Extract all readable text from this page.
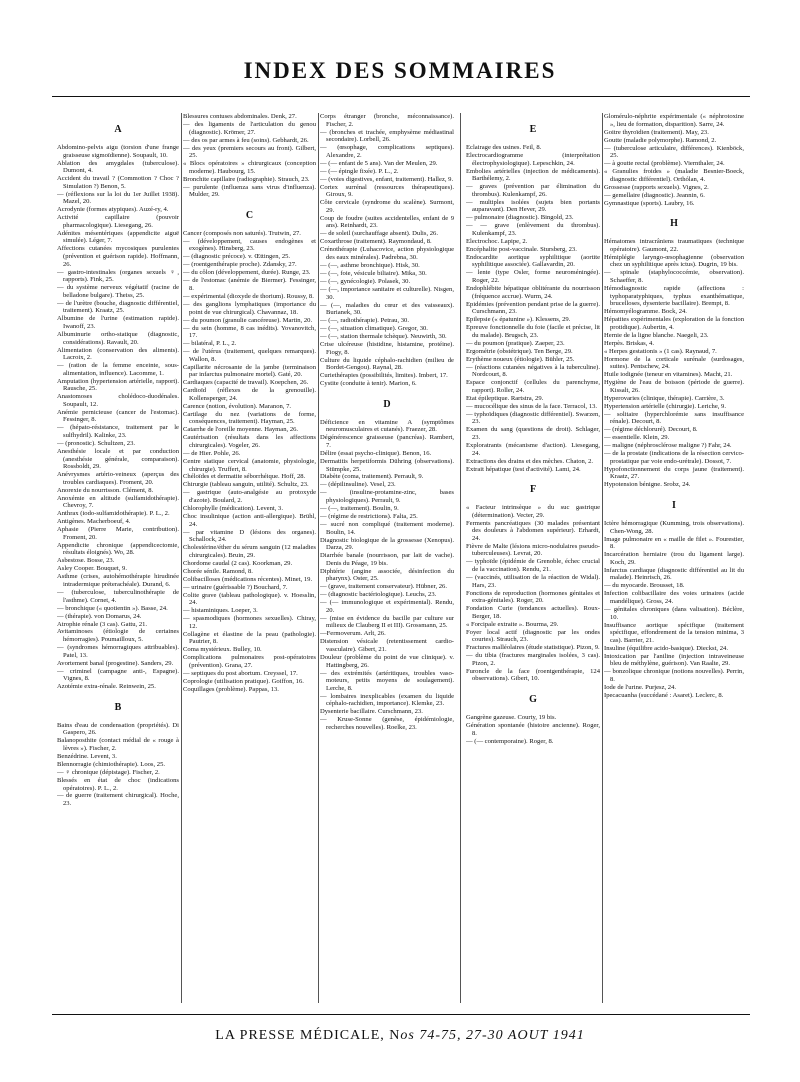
INDEX DES SOMMAIRES
A
Abdomino-pelvis aigu (torsion d'une frange graisseuse sigmoïdienne). Soupault, 10.
Ablation des amygdales (tuberculose). Dumont, 4.
Accident du travail ? (Commotion ? Choc ? Simulation ?) Benon, 5.
— (réflexions sur la loi du 1er Juillet 1938). Mazel, 20.
Acrodynie (formes atypiques). Auzé-ry, 4.
Activité capillaire (pouvoir pharmacologique). Liesegang, 26.
Adénites mésentériques (appendicite aiguë simulée). Léger, 7.
Affections cutanées mycosiques purulentes (prévention et guérison rapide). Hoffmann, 26.
— gastro-intestinales (organes sexuels ♀, rapports). Fink, 25.
— du système nerveux végétatif (racine de belladone bulgare). Theiss, 25.
— de l'urètre (bouche, diagnostic différentiel, traitement). Kraatz, 25.
Albumine de l'urine (estimation rapide). Iwanoff, 23.
Albuminurie ortho-statique (diagnostic, considérations). Ravault, 20.
Alimentation (conservation des aliments). Lacroix, 2.
— (ration de la femme enceinte, sous-alimentation, influence). Lacomme, 1.
Amputation (hypertension artérielle, rapport). Rausche, 25.
Anastomoses cholédoco-duodénales. Soupault, 12.
Anémie pernicieuse (cancer de l'estomac). Fessinger, 8.
— (hépato-résistance, traitement par le sulfhydril). Kalinke, 23.
— (pronostic). Schultzen, 23.
Anesthésie locale et par conduction (anesthésie générale, comparaison). Rossboldt, 29.
Anévrysmes artério-veineux (aperçus des troubles cardiaques). Froment, 20.
Anorexie du nourrisson. Clément, 8.
Anoxémie en altitude (sulfamidothérapie). Chevroy, 7.
Anthrax (iodo-sulfamidothérapie). P. L., 2.
Antigènes. Macherboeuf, 4.
Aphasie (Pierre Marie, contribution). Froment, 20.
Appendicite chronique (appendicectomie, résultats éloignés). Wo, 28.
Asbestose. Bosse, 23.
Asley Cooper. Bouquet, 9.
Asthme (crises, autohémothérapie hirudinée intradermique préterachéale). Durand, 6.
— (tuberculose, tuberculinothérapie de l'asthme). Cornet, 4.
— bronchique (« quotientin »). Basse, 24.
— (thérapie). von Domarus, 24.
Atrophie rénale (3 cas). Gattu, 21.
Avitaminoses (étiologie de certaines hémorragies). Poumailloux, 5.
— (syndromes hémorragiques attribuables). Patel, 13.
Avortement banal (progestine). Sanders, 29.
— criminel (campagne anti-, Espagne). Vignes, 8.
Azotémie extra-rénale. Reinwein, 25.
B
Bains d'eau de condensation (propriétés). Di Gaspero, 26.
Balanoposthite (contact médial de « rouge à lèvres »). Fischer, 2.
Benzédrine. Levent, 3.
Blennorragie (chimiothérapie). Loos, 25.
— ♀ chronique (dépistage). Fischer, 2.
Blessés en état de choc (indications opératoires). P. L., 2.
— de guerre (traitement chirurgical). Hoche, 23.
Blessures contuses abdominales. Denk, 27.
— des ligaments de l'articulation du genou (diagnostic). Krömer, 27.
— des os par armes à feu (soins). Gebhardt, 26.
— des yeux (premiers secours au front). Gilbert, 25.
« Blocs opératoires » chirurgicaux (conception moderne). Haubourg, 15.
Bronchite capillaire (radiographie). Strauch, 23.
— purulente (influenza sans virus d'influenza). Mulder, 29.
C
Cancer (composés non saturés). Trutwin, 27.
— (développement, causes endogènes et exogènes). Hinsberg, 23.
— (diagnostic précoce). v. Œttingen, 25.
— (roentgenthérapie proche). Zdansky, 27.
— du côlon (développement, durée). Runge, 23.
— de l'estomac (anémie de Biermer). Fessinger, 8.
— expérimental (dioxyde de thorium). Roussy, 8.
— des ganglions lymphatiques (importance du point de vue chirurgical). Chavannaz, 18.
— du poumon (granulie cancéreuse). Martin, 20.
— du sein (homme, 8 cas inédits). Yovanovitch, 17.
— bilatéral, P. L., 2.
— de l'utérus (traitement, quelques remarques). Wallon, 8.
Capillarite nécrosante de la jambe (terminaison par infarctus pulmonaire mortel). Gaté, 20.
Cardiaques (capacité de travail). Koepchen, 26.
Cardioïd (réflexes de la grenouille). Kollensperger, 24.
Carence (notion, évolution). Maranon, 7.
Cartilage du nez (variations de forme, conséquences, traitement). Hayman, 25.
Catarrhe de l'oreille moyenne. Hayman, 26.
Cautérisation (résultats dans les affections chirurgicales). Vogeler, 26.
— de Hier. Pohle, 26.
Centre statique cervical (anatomie, physiologie, chirurgie). Truffert, 8.
Chéloïdes et dermatite séborrhéique. Hoff, 28.
Chirurgie (tableau sanguin, utilité). Schultz, 23.
— gastrique (auto-analgésie au protoxyde d'azote). Boulard, 2.
Chlorophylle (médication). Levent, 3.
Choc insulinique (action anti-allergique). Brühl, 24.
— par vitamine D (lésions des organes). Schallock, 24.
Cholestérine/éther du sérum sanguin (12 maladies chirurgicales). Bruin, 29.
Chordome caudal (2 cas). Koorkman, 29.
Chorée sénile. Ramond, 8.
Colibacilloses (médications récentes). Minet, 19.
— urinaire (guérissable ?) Bouchard, 7.
Colite grave (tableau pathologique). v. Hoesslin, 24.
— histaminiques. Loeper, 3.
— spasmodiques (hormones sexuelles). Chiray, 12.
Collagène et élastine de la peau (pathologie). Pautrier, 8.
Coma mystérieux. Bulley, 10.
Complications pulmonaires post-opératoires (prévention). Grana, 27.
— septiques du post abortum. Creyssel, 17.
Coprologie (utilisation pratique). Goiffon, 16.
Coquillages (problème). Pappas, 13.
Corps étranger (bronche, méconnaissance). Fischer, 2.
— (bronches et trachée, emphysème médiastinal secondaire). Lorbell, 26.
— (œsophage, complications septiques). Alexandre, 2.
— (— enfant de 5 ans). Van der Meulen, 29.
— (— épingle fixée). P. L., 2.
— (voies digestives, enfant, traitement). Hallez, 9.
Cortex surrénal (ressources thérapeutiques). Giroux, 9.
Côte cervicale (syndrome du scalène). Surmont, 29.
Coup de foudre (suites accidentelles, enfant de 9 ans). Reinhardt, 23.
— de soleil (surchauffage absent). Dulis, 26.
Coxarthrose (traitement). Raymondaud, 8.
Crénothérapie (Luhacovice, action physiologique des eaux minérales). Padrebna, 30.
— (—, asthme bronchique). Hisk, 30.
— (—, foie, vésicule biliaire). Mika, 30.
— (—, gynécologie). Polasek, 30.
— (—, importance sanitaire et culturelle). Nisgen, 30.
— (—, maladies du cœur et des vaisseaux). Burianek, 30.
— (—, radiothérapie). Petrau, 30.
— (—, situation climatique). Gregor, 30.
— (—, station thermale tchèque). Neuwirth, 30.
Crise ulcéreuse (histidine, histamine, protéine). Fiogy, 8.
Culture du liquide céphalo-rachidien (milieu de Bordet-Gengou). Raynal, 28.
Curiethérapies (possibilités, limites). Imbert, 17.
Cystite (conduite à tenir). Marion, 6.
D
Déficience en vitamine A (symptômes neuromusculaires et cutanés). Fraezer, 28.
Dégénérescence graisseuse (pancréas). Rambert, 7.
Délire (essai psycho-clinique). Benon, 16.
Dermatitis herpetiformis Dühring (observations). Stümpke, 25.
Diabète (coma, traitement). Perrault, 9.
— (dépilinsuline). Vesel, 23.
— (insuline-protamine-zinc, bases physiologiques). Perrault, 9.
— (—, traitement). Boulin, 9.
— (régime de restrictions). Falta, 25.
— sucré non compliqué (traitement moderne). Boulin, 14.
Diagnostic biologique de la grossesse (Xenopus). Darza, 29.
Diarrhée banale (nourrisson, par lait de vache). Denis du Péage, 19 bis.
Diphtérie (angine associée, désinfection du pharynx). Oster, 25.
— (grave, traitement conservateur). Hübner, 26.
— (diagnostic bactériologique). Leuchs, 23.
— (— immunologique et expérimental). Rendu, 20.
— (mise en évidence du bacille par culture sur milieux de Clauberg II et III). Grossmann, 25.
—Fermoverum. Arlt, 26.
Distension vésicale (retentissement cardio-vasculaire). Gibert, 21.
Douleur (problème du point de vue clinique). v. Hattingberg, 26.
— des extrémités (artéritiques, troubles vaso-moteurs, petits moyens de soulagement). Lerche, 8.
— lombaires inexplicables (examen du liquide céphalo-rachidien, importance). Klemke, 23.
Dysenterie bacillaire. Curschmann, 23.
— Kruse-Sonne (genèse, épidémiologie, recherches nouvelles). Roelke, 23.
E
Eclairage des usines. Feil, 8.
Electrocardiogramme (interprétation électrophysiologique). Lepeschkin, 24.
Embolies artérielles (injection de médicaments). Barthélemy, 2.
— graves (prévention par élimination du thrombus). Kulenkampf, 26.
— multiples isolées (sujets bien portants auparavant). Den Hever, 29.
— pulmonaire (diagnostic). Bingold, 23.
— — grave (enlèvement du thrombus). Kulenkampf, 23.
Electrochoc. Lapipe, 2.
Encéphalite post-vaccinale. Stursberg, 23.
Endocardite aortique syphilitique (aortite syphilitique associée). Gallavardin, 20.
— lente (type Osler, forme neuroméningée). Roger, 22.
Endophlébite hépatique oblitérante du nourrisson (fréquence accrue). Wurm, 24.
Epidémies (prévention pendant prise de la guerre). Curschmann, 23.
Epilepsie (« épatunine »). Klessens, 29.
Epreuve fonctionnelle du foie (facile et précise, lit du malade). Brugsch, 23.
— du poumon (pratique). Zaeper, 23.
Ergométrie (obstétrique). Ten Berge, 29.
Erythème noueux (étiologie). Bühler, 25.
— (réactions cutanées négatives à la tuberculine). Nordcourt, 8.
Espace conjonctif (cellules du parenchyme, rapport). Roller, 24.
Etat épileptique. Rartstra, 29.
— mucocélique des sinus de la face. Terracol, 13.
— typhoïdiques (diagnostic différentiel). Swarzen, 23.
Examen du sang (questions de droit). Schlager, 23.
Exploratrants (mécanisme d'action). Liesegang, 24.
Extractions des drains et des mèches. Chaton, 2.
Extrait hépatique (test d'activité). Lami, 24.
F
« Facteur intrinsèque » du suc gastrique (détermination). Vecter, 29.
Ferments pancréatiques (30 malades présentant des douleurs à l'abdomen supérieur). Erhardt, 24.
Fièvre de Malte (lésions micro-nodulaires pseudo-tuberculeuses). Levrat, 20.
— typhoïde (épidémie de Grenoble, échec crucial de la vaccination). Rendu, 21.
— (vaccinés, utilisation de la réaction de Widal). Hars, 23.
Fonctions de reproduction (hormones génitales et extra-génitales). Roger, 20.
Fondation Curie (tendances actuelles). Roux-Berger, 18.
« Forcipale extraite ». Bourma, 29.
Foyer local actif (diagnostic par les ondes courtes). Strauch, 23.
Fractures malléolaires (étude statistique). Pizon, 9.
— du tibia (fractures marginales isolées, 3 cas). Pizon, 2.
Furoncle de la face (roentgenthérapie, 124 observations). Gibert, 10.
G
Gangrène gazeuse. Courty, 19 bis.
Génération spontanée (histoire ancienne). Roger, 8.
— (— contemporaine). Roger, 8.
Glomérulo-néphrite expérimentale (« néphrotoxine », lieu de formation, disparition). Sarre, 24.
Goitre thyroïdien (traitement). May, 23.
Goutte (maladie polymorphe). Ramond, 2.
— (tuberculose articulaire, différences). Kienböck, 25.
— à goutte rectal (problème). Viernthaler, 24.
« Granulies froides » (maladie Besnier-Boeck, diagnostic différentiel). Orthólan, 4.
Grossesse (rapports sexuels). Vignes, 2.
— gemellaire (diagnostic). Jeannin, 6.
Gymnastique (sports). Laubry, 16.
H
Hématomes intracrâniens traumatiques (technique opératoire). Gaumont, 22.
Hémiplégie laryngo-œsophagienne (observation chez un syphilitique après ictus). Dugrin, 19 bis.
— spinale (staphylococcémie, observation). Schaeffer, 8.
Hémodiagnostic rapide (affections : typhoparatyphiques, typhus exanthématique, brucelloses, dysenterie bacillaire). Brempt, 8.
Hémomyélogramme. Bock, 24.
Hépatites expérimentales (exploration de la fonction protidique). Aubertin, 4.
Hernie de la ligne blanche. Naegeli, 23.
Herpès. Briskas, 4.
« Herpes gestationis » (1 cas). Raynaud, 7.
Hormone de la corticale surénale (surdosages, suites). Pentschew, 24.
Huile iodignée (teneur en vitamines). Macht, 21.
Hygiène de l'eau de boisson (période de guerre). Kissalt, 26.
Hyperovaries (clinique, thérapie). Carrière, 3.
Hypertension artérielle (chirurgie). Leriche, 9.
— solitaire (hyperchlorémie sans insuffisance rénale). Decourt, 8.
— (régime déchloruré). Decourt, 8.
— essentielle. Klein, 29.
— maligne (néphrosclérose maligne ?) Fahr, 24.
— de la prostate (indications de la résection cervico-prostatique par voie endo-urétrale). Dossot, 7.
Hypofonctionnement du corps jaune (traitement). Kraatz, 27.
Hypotension bénigne. Srobz, 24.
I
Ictère hémorragique (Kumming, trois observations). Chen-Wong, 28.
Image pulmonaire en « maille de filet ». Fourestier, 8.
Incarcération herniaire (trou du ligament large). Koch, 29.
Infarctus cardiaque (diagnostic différentiel au lit du malade). Heinrisch, 26.
— du myocarde. Brousset, 18.
Infection colibacillaire des voies urinaires (acide mandélique). Gross, 24.
— génitales chroniques (dans valisation). Béclère, 10.
Insuffisance aortique spécifique (traitement spécifique, effondrement de la tension minima, 3 cas). Barrier, 21.
Insuline (équilibre acido-basique). Dieckst, 24.
Intoxication par l'aniline (injection intraveineuse bleu de méthylène, guérison). Van Raalte, 29.
— bonzolique chronique (notions nouvelles). Perrin, 8.
Iode de l'urine. Purjesz, 24.
Ipecacuanha (succédané : Asaret). Leclerc, 8.
LA PRESSE MÉDICALE, Nos 74-75, 27-30 AOUT 1941
